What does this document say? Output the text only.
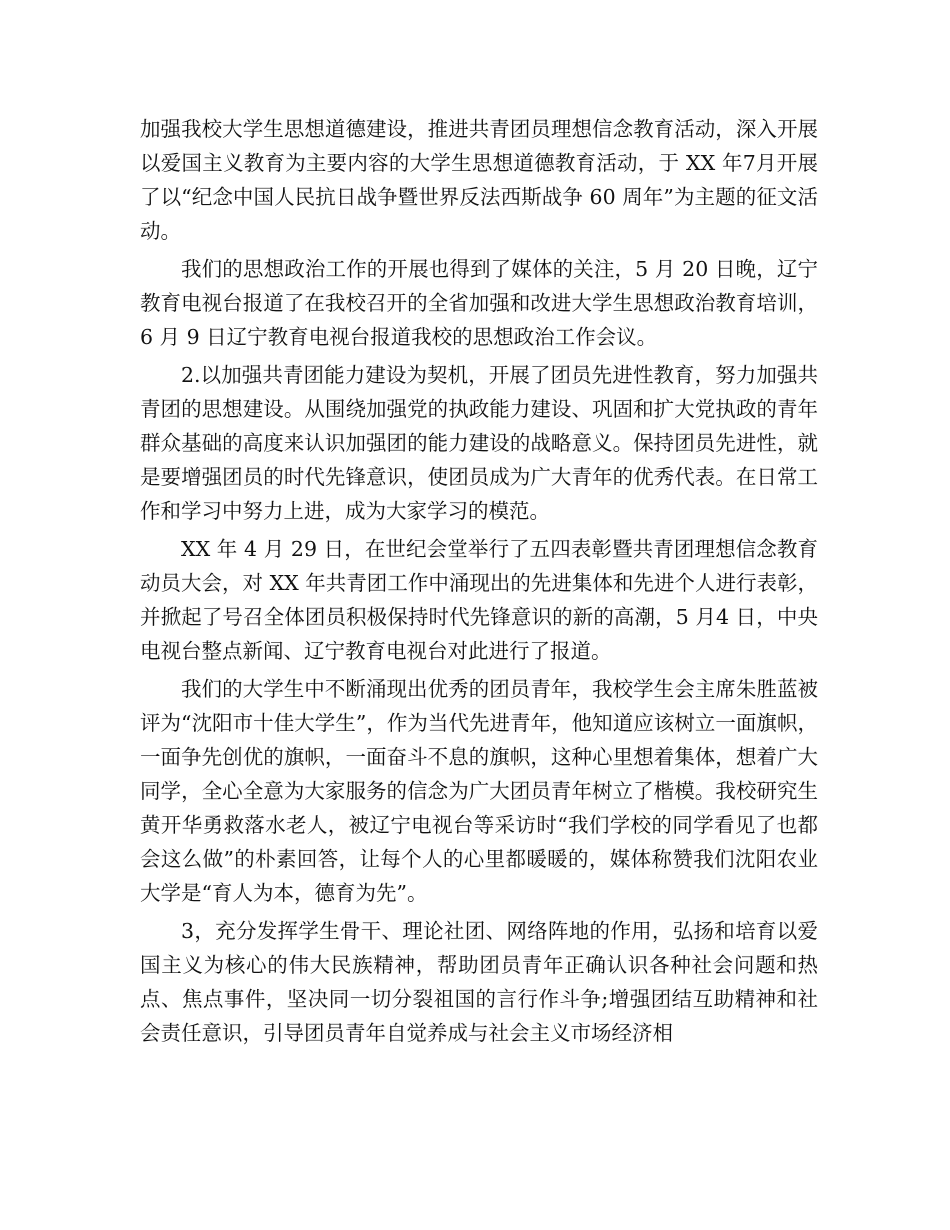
加强我校大学生思想道德建设，推进共青团员理想信念教育活动，深入开展以爱国主义教育为主要内容的大学生思想道德教育活动，于 XX 年7月开展了以“纪念中国人民抗日战争暨世界反法西斯战争 60 周年”为主题的征文活动。

我们的思想政治工作的开展也得到了媒体的关注，5 月 20 日晚，辽宁教育电视台报道了在我校召开的全省加强和改进大学生思想政治教育培训，6 月 9 日辽宁教育电视台报道我校的思想政治工作会议。

2.以加强共青团能力建设为契机，开展了团员先进性教育，努力加强共青团的思想建设。从围绕加强党的执政能力建设、巩固和扩大党执政的青年群众基础的高度来认识加强团的能力建设的战略意义。保持团员先进性，就是要增强团员的时代先锋意识，使团员成为广大青年的优秀代表。在日常工作和学习中努力上进，成为大家学习的模范。

XX 年 4 月 29 日，在世纪会堂举行了五四表彰暨共青团理想信念教育动员大会，对 XX 年共青团工作中涌现出的先进集体和先进个人进行表彰，并掀起了号召全体团员积极保持时代先锋意识的新的高潮，5 月4 日，中央电视台整点新闻、辽宁教育电视台对此进行了报道。

我们的大学生中不断涌现出优秀的团员青年，我校学生会主席朱胜蓝被评为“沈阳市十佳大学生”，作为当代先进青年，他知道应该树立一面旗帜，一面争先创优的旗帜，一面奋斗不息的旗帜，这种心里想着集体，想着广大同学，全心全意为大家服务的信念为广大团员青年树立了楷模。我校研究生黄开华勇救落水老人，被辽宁电视台等采访时“我们学校的同学看见了也都会这么做”的朴素回答，让每个人的心里都暖暖的，媒体称赞我们沈阳农业大学是“育人为本，德育为先”。

3，充分发挥学生骨干、理论社团、网络阵地的作用，弘扬和培育以爱国主义为核心的伟大民族精神，帮助团员青年正确认识各种社会问题和热点、焦点事件，坚决同一切分裂祖国的言行作斗争;增强团结互助精神和社会责任意识，引导团员青年自觉养成与社会主义市场经济相
